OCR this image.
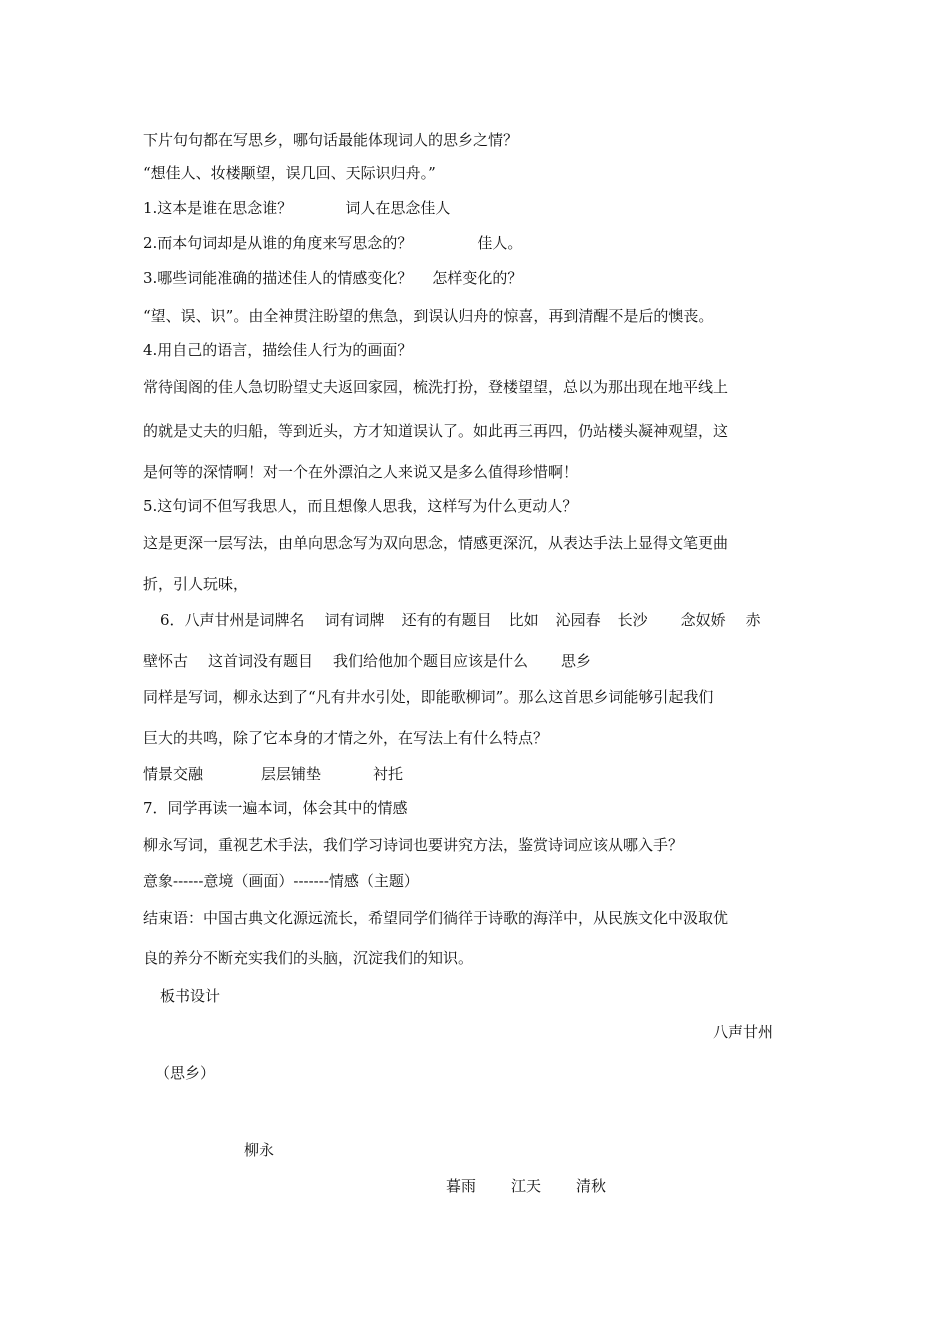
下片句句都在写思乡，哪句话最能体现词人的思乡之情？

“想佳人、妆楼颙望，误几回、天际识归舟。”

1.这本是谁在思念谁？	词人在思念佳人

2.而本句词却是从谁的角度来写思念的？	佳人。

3.哪些词能准确的描述佳人的情感变化？ 怎样变化的？

“望、误、识”。由全神贯注盼望的焦急，到误认归舟的惊喜，再到清醒不是后的懊丧。

4.用自己的语言，描绘佳人行为的画面？

常待闺阁的佳人急切盼望丈夫返回家园，梳洗打扮，登楼望望，总以为那出现在地平线上

的就是丈夫的归船，等到近头，方才知道误认了。如此再三再四，仍站楼头凝神观望，这

是何等的深情啊！对一个在外漂泊之人来说又是多么值得珍惜啊！

5.这句词不但写我思人，而且想像人思我，这样写为什么更动人？

这是更深一层写法，由单向思念写为双向思念，情感更深沉，从表达手法上显得文笔更曲

折，引人玩味，

6．八声甘州是词牌名 词有词牌 还有的有题目 比如 沁园春 长沙 念奴娇 赤

壁怀古 这首词没有题目 我们给他加个题目应该是什么 思乡

同样是写词，柳永达到了“凡有井水引处，即能歌柳词”。那么这首思乡词能够引起我们

巨大的共鸣，除了它本身的才情之外，在写法上有什么特点？

情景交融	层层铺垫	衬托

7．同学再读一遍本词，体会其中的情感

柳永写词，重视艺术手法，我们学习诗词也要讲究方法，鉴赏诗词应该从哪入手？

意象------意境（画面）-------情感（主题）

结束语：中国古典文化源远流长，希望同学们徜徉于诗歌的海洋中，从民族文化中汲取优

良的养分不断充实我们的头脑，沉淀我们的知识。

板书设计

八声甘州

（思乡）

柳永

暮雨 江天 清秋
